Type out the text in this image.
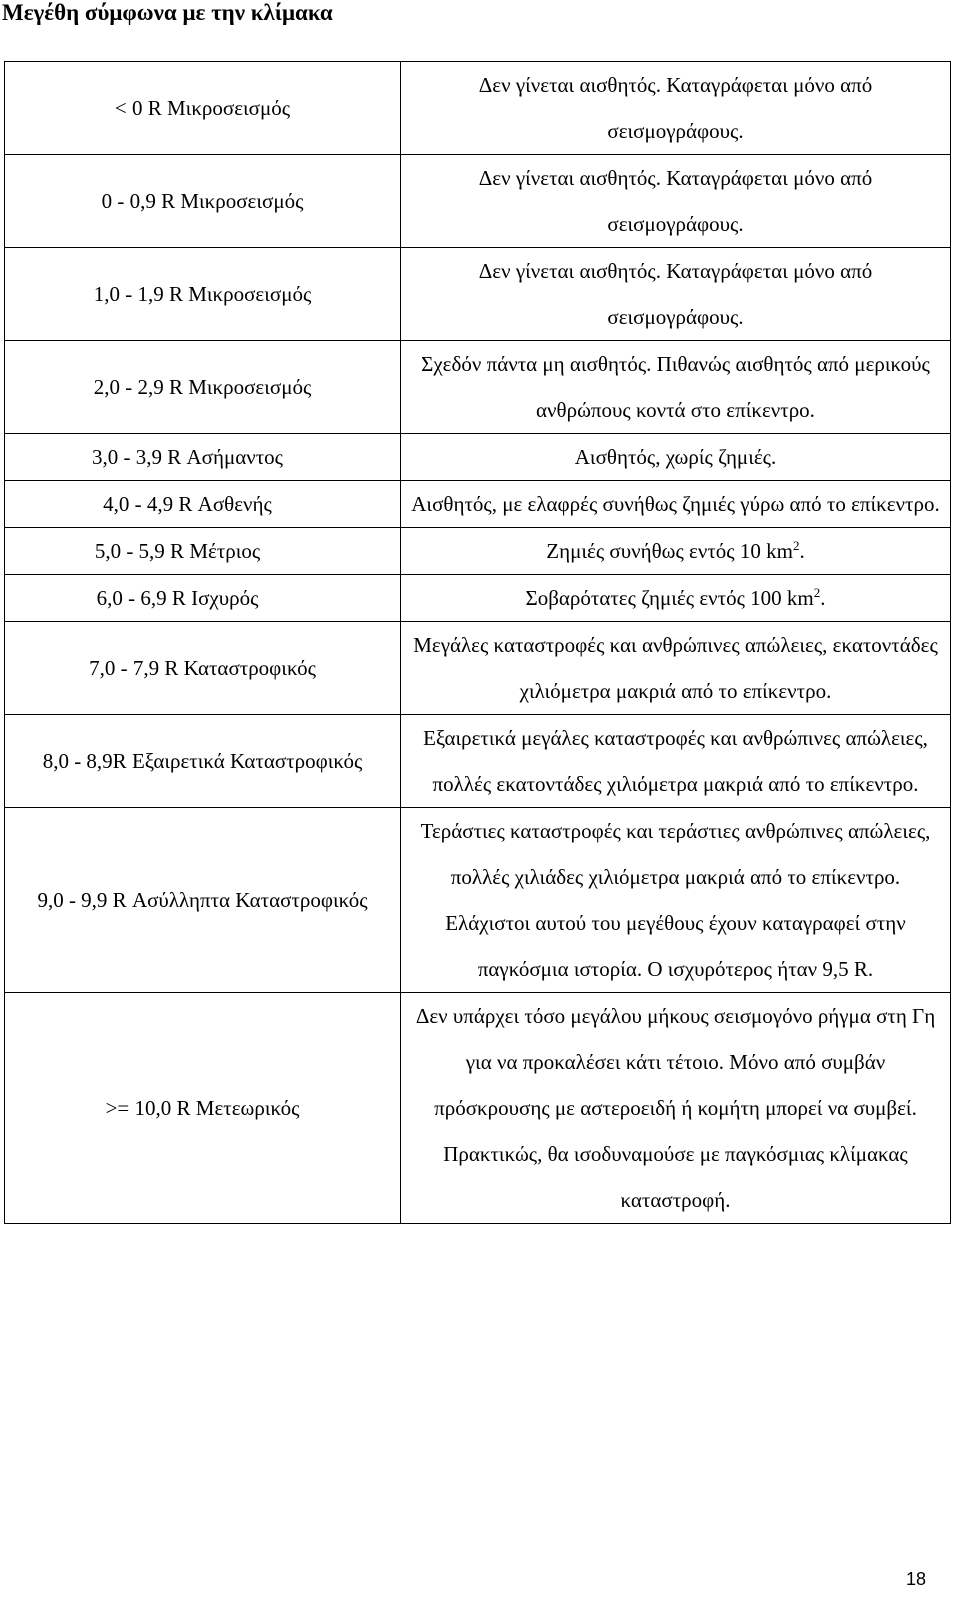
Μεγέθη σύμφωνα με την κλίμακα
< 0 R Μικροσεισμός	Δεν γίνεται αισθητός. Καταγράφεται μόνο από σεισμογράφους.
0 - 0,9 R Μικροσεισμός	Δεν γίνεται αισθητός. Καταγράφεται μόνο από σεισμογράφους.
1,0 - 1,9 R Μικροσεισμός	Δεν γίνεται αισθητός. Καταγράφεται μόνο από σεισμογράφους.
2,0 - 2,9 R Μικροσεισμός	Σχεδόν πάντα μη αισθητός. Πιθανώς αισθητός από μερικούς ανθρώπους κοντά στο επίκεντρο.
3,0 - 3,9 R Ασήμαντος	Αισθητός, χωρίς ζημιές.
4,0 - 4,9 R Ασθενής	Αισθητός, με ελαφρές συνήθως ζημιές γύρω από το επίκεντρο.
5,0 - 5,9 R Μέτριος	Ζημιές συνήθως εντός 10 $km^2$.
6,0 - 6,9 R Ισχυρός	Σοβαρότατες ζημιές εντός 100 $km^2$.
7,0 - 7,9 R Καταστροφικός	Μεγάλες καταστροφές και ανθρώπινες απώλειες, εκατοντάδες χιλιόμετρα μακριά από το επίκεντρο.
8,0 - 8,9R Εξαιρετικά Καταστροφικός	Εξαιρετικά μεγάλες καταστροφές και ανθρώπινες απώλειες, πολλές εκατοντάδες χιλιόμετρα μακριά από το επίκεντρο.
9,0 - 9,9 R Ασύλληπτα Καταστροφικός	Τεράστιες καταστροφές και τεράστιες ανθρώπινες απώλειες, πολλές χιλιάδες χιλιόμετρα μακριά από το επίκεντρο. Ελάχιστοι αυτού του μεγέθους έχουν καταγραφεί στην παγκόσμια ιστορία. Ο ισχυρότερος ήταν 9,5 R.
>= 10,0 R Μετεωρικός	Δεν υπάρχει τόσο μεγάλου μήκους σεισμογόνο ρήγμα στη Γη για να προκαλέσει κάτι τέτοιο. Μόνο από συμβάν πρόσκρουσης με αστεροειδή ή κομήτη μπορεί να συμβεί. Πρακτικώς, θα ισοδυναμούσε με παγκόσμιας κλίμακας καταστροφή.
18
